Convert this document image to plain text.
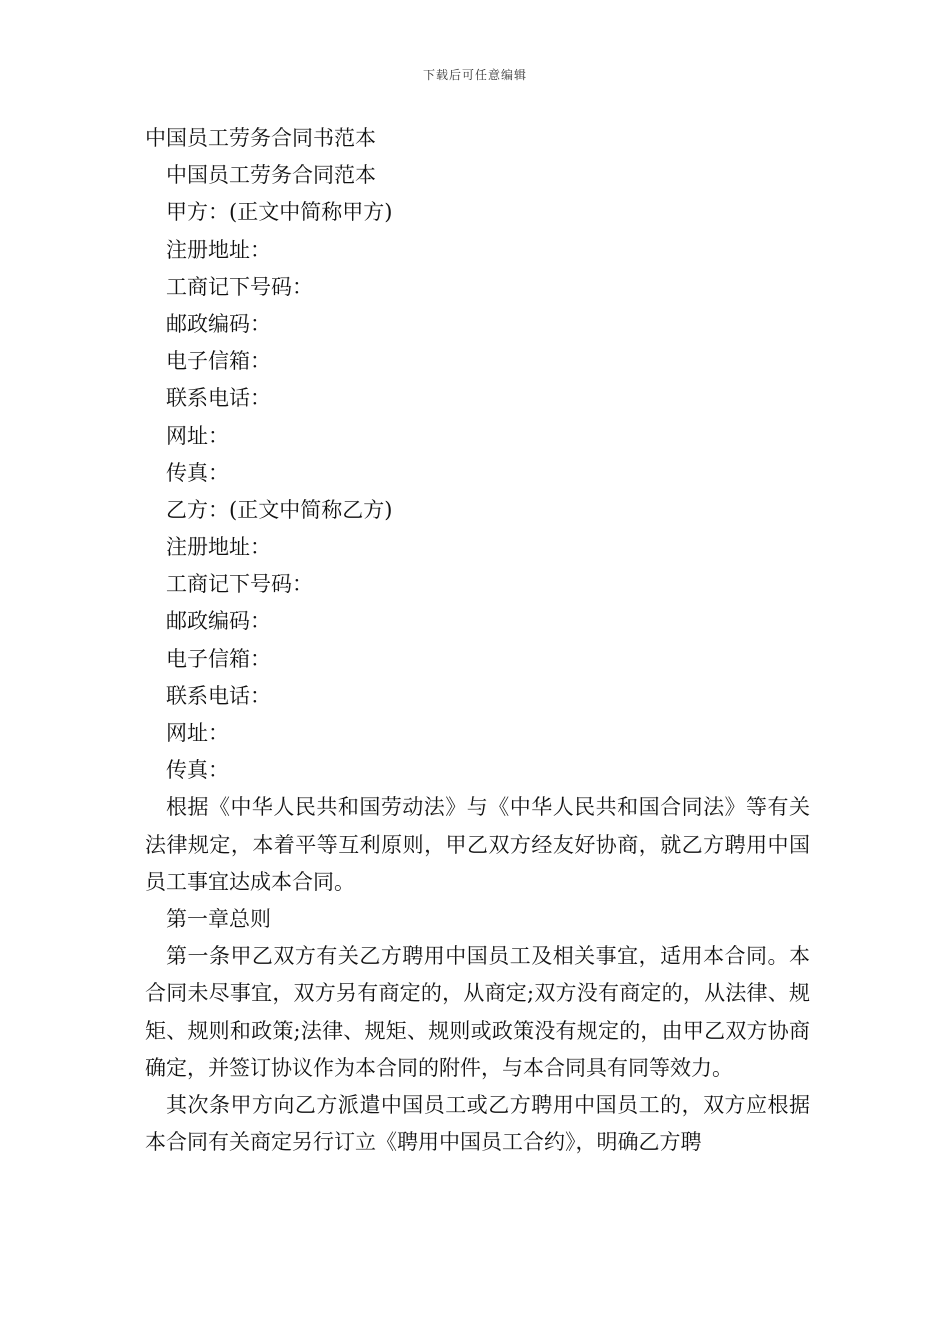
下载后可任意编辑
中国员工劳务合同书范本
中国员工劳务合同范本
甲方：(正文中简称甲方)
注册地址：
工商记下号码：
邮政编码：
电子信箱：
联系电话：
网址：
传真：
乙方：(正文中简称乙方)
注册地址：
工商记下号码：
邮政编码：
电子信箱：
联系电话：
网址：
传真：

根据《中华人民共和国劳动法》与《中华人民共和国合同法》等有关法律规定，本着平等互利原则，甲乙双方经友好协商，就乙方聘用中国员工事宜达成本合同。

第一章总则

第一条甲乙双方有关乙方聘用中国员工及相关事宜，适用本合同。本合同未尽事宜，双方另有商定的，从商定;双方没有商定的，从法律、规矩、规则和政策;法律、规矩、规则或政策没有规定的，由甲乙双方协商确定，并签订协议作为本合同的附件，与本合同具有同等效力。

其次条甲方向乙方派遣中国员工或乙方聘用中国员工的，双方应根据本合同有关商定另行订立《聘用中国员工合约》，明确乙方聘
